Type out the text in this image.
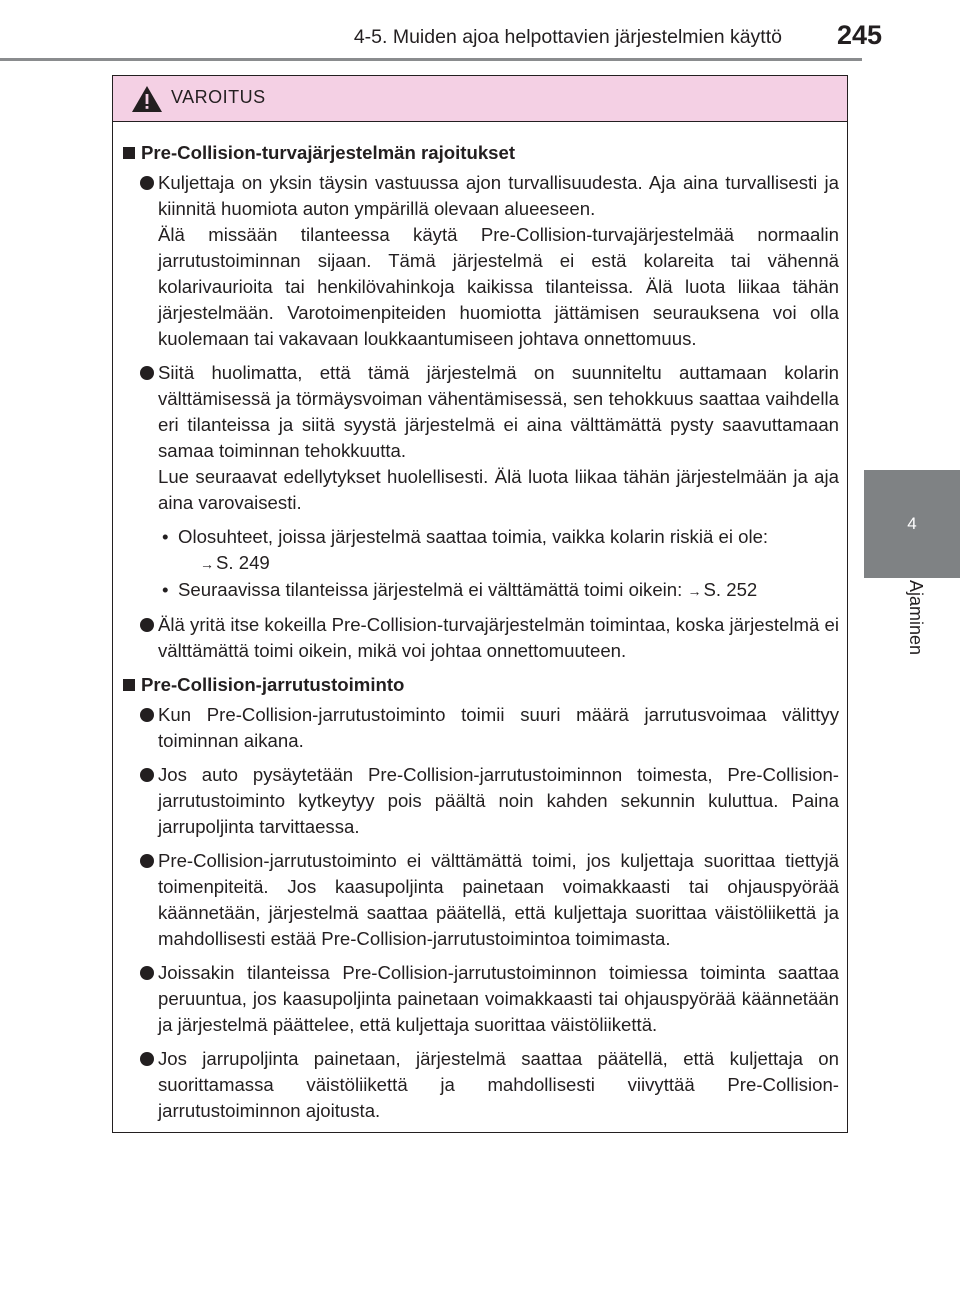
4-5. Muiden ajoa helpottavien järjestelmien käyttö 245
4
Ajaminen
VAROITUS
Pre-Collision-turvajärjestelmän rajoitukset
Kuljettaja on yksin täysin vastuussa ajon turvallisuudesta. Aja aina turvallisesti ja kiinnitä huomiota auton ympärillä olevaan alueeseen.
Älä missään tilanteessa käytä Pre-Collision-turvajärjestelmää normaalin jarrutustoiminnan sijaan. Tämä järjestelmä ei estä kolareita tai vähennä kolarivaurioita tai henkilövahinkoja kaikissa tilanteissa. Älä luota liikaa tähän järjestelmään. Varotoimenpiteiden huomiotta jättämisen seurauksena voi olla kuolemaan tai vakavaan loukkaantumiseen johtava onnettomuus.
Siitä huolimatta, että tämä järjestelmä on suunniteltu auttamaan kolarin välttämisessä ja törmäysvoiman vähentämisessä, sen tehokkuus saattaa vaihdella eri tilanteissa ja siitä syystä järjestelmä ei aina välttämättä pysty saavuttamaan samaa toiminnan tehokkuutta.
Lue seuraavat edellytykset huolellisesti. Älä luota liikaa tähän järjestelmään ja aja aina varovaisesti.
• Olosuhteet, joissa järjestelmä saattaa toimia, vaikka kolarin riskiä ei ole:
→ S. 249
• Seuraavissa tilanteissa järjestelmä ei välttämättä toimi oikein: → S. 252
Älä yritä itse kokeilla Pre-Collision-turvajärjestelmän toimintaa, koska järjestelmä ei välttämättä toimi oikein, mikä voi johtaa onnettomuuteen.
Pre-Collision-jarrutustoiminto
Kun Pre-Collision-jarrutustoiminto toimii suuri määrä jarrutusvoimaa välittyy toiminnan aikana.
Jos auto pysäytetään Pre-Collision-jarrutustoiminnon toimesta, Pre-Collision-jarrutustoiminto kytkeytyy pois päältä noin kahden sekunnin kuluttua. Paina jarrupoljinta tarvittaessa.
Pre-Collision-jarrutustoiminto ei välttämättä toimi, jos kuljettaja suorittaa tiettyjä toimenpiteitä. Jos kaasupoljinta painetaan voimakkaasti tai ohjauspyörää käännetään, järjestelmä saattaa päätellä, että kuljettaja suorittaa väistöliikettä ja mahdollisesti estää Pre-Collision-jarrutustoimintoa toimimasta.
Joissakin tilanteissa Pre-Collision-jarrutustoiminnon toimiessa toiminta saattaa peruuntua, jos kaasupoljinta painetaan voimakkaasti tai ohjauspyörää käännetään ja järjestelmä päättelee, että kuljettaja suorittaa väistöliikettä.
Jos jarrupoljinta painetaan, järjestelmä saattaa päätellä, että kuljettaja on suorittamassa väistöliikettä ja mahdollisesti viivyttää Pre-Collision-jarrutustoiminnon ajoitusta.
